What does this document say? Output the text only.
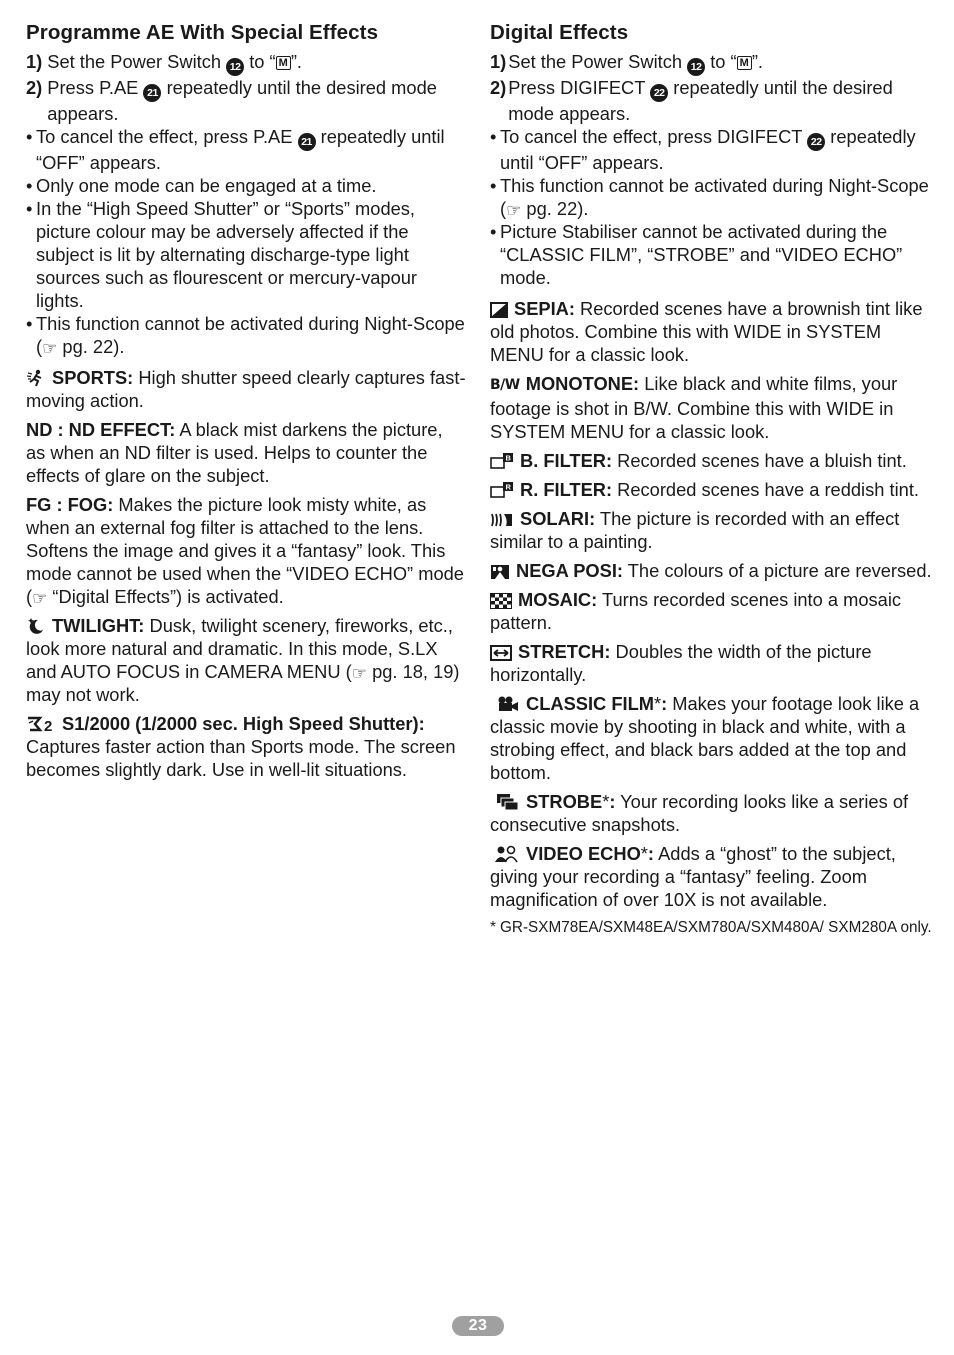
Programme AE With Special Effects
1) Set the Power Switch 12 to “ M ”.
2) Press P.AE 21 repeatedly until the desired mode appears.
• To cancel the effect, press P.AE 21 repeatedly until “OFF” appears.
• Only one mode can be engaged at a time.
• In the “High Speed Shutter” or “Sports” modes, picture colour may be adversely affected if the subject is lit by alternating discharge-type light sources such as flourescent or mercury-vapour lights.
• This function cannot be activated during Night-Scope (☞ pg. 22).

SPORTS: High shutter speed clearly captures fast-moving action.

ND : ND EFFECT: A black mist darkens the picture, as when an ND filter is used. Helps to counter the effects of glare on the subject.

FG : FOG: Makes the picture look misty white, as when an external fog filter is attached to the lens. Softens the image and gives it a “fantasy” look. This mode cannot be used when the “VIDEO ECHO” mode (☞ “Digital Effects”) is activated.

TWILIGHT: Dusk, twilight scenery, fireworks, etc., look more natural and dramatic. In this mode, S.LX and AUTO FOCUS in CAMERA MENU (☞ pg. 18, 19) may not work.

2 S1/2000 (1/2000 sec. High Speed Shutter): Captures faster action than Sports mode. The screen becomes slightly dark. Use in well-lit situations.

Digital Effects
1) Set the Power Switch 12 to “ M ”.
2) Press DIGIFECT 22 repeatedly until the desired mode appears.
• To cancel the effect, press DIGIFECT 22 repeatedly until “OFF” appears.
• This function cannot be activated during Night-Scope (☞ pg. 22).
• Picture Stabiliser cannot be activated during the “CLASSIC FILM”, “STROBE” and “VIDEO ECHO” mode.

SEPIA: Recorded scenes have a brownish tint like old photos. Combine this with WIDE in SYSTEM MENU for a classic look.

B/W MONOTONE: Like black and white films, your footage is shot in B/W. Combine this with WIDE in SYSTEM MENU for a classic look.

B B. FILTER: Recorded scenes have a bluish tint.

R R. FILTER: Recorded scenes have a reddish tint.

SOLARI: The picture is recorded with an effect similar to a painting.

NEGA POSI: The colours of a picture are reversed.

MOSAIC: Turns recorded scenes into a mosaic pattern.

STRETCH: Doubles the width of the picture horizontally.

CLASSIC FILM*: Makes your footage look like a classic movie by shooting in black and white, with a strobing effect, and black bars added at the top and bottom.

STROBE*: Your recording looks like a series of consecutive snapshots.

VIDEO ECHO*: Adds a “ghost” to the subject, giving your recording a “fantasy” feeling. Zoom magnification of over 10X is not available.

* GR-SXM78EA/SXM48EA/SXM780A/SXM480A/ SXM280A only.
23
